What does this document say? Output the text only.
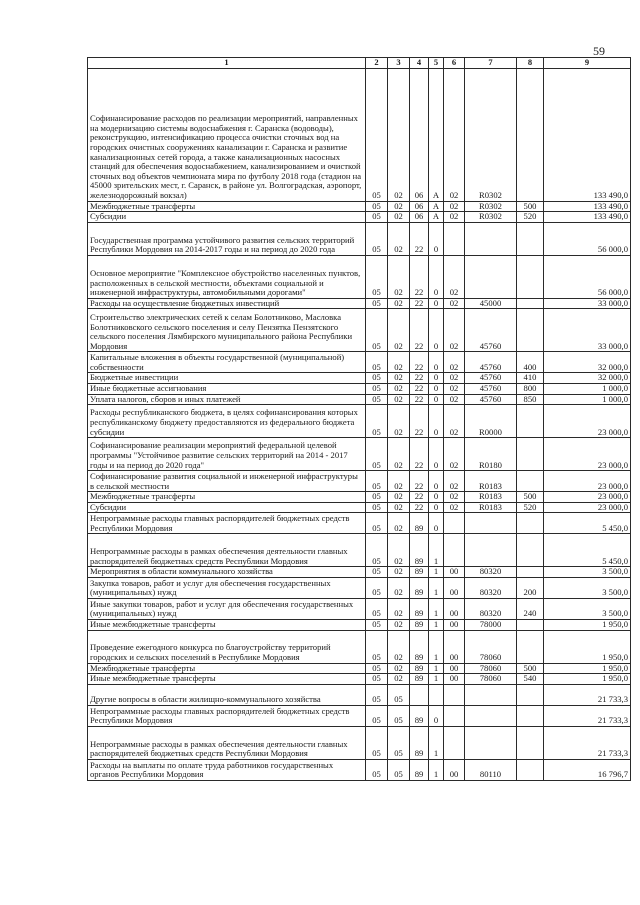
59
1	2	3	4	5	6	7	8	9
Софинансирование расходов по реализации мероприятий, направленных на модернизацию системы водоснабжения г. Саранска (водоводы), реконструкцию, интенсификацию процесса очистки сточных вод на городских очистных сооружениях канализации г. Саранска и развитие канализационных сетей города, а также канализационных насосных станций для обеспечения водоснабжением, канализированием и очисткой сточных вод объектов чемпионата мира по футболу 2018 года (стадион на 45000 зрительских мест, г. Саранск, в районе ул. Волгоградская, аэропорт, железнодорожный вокзал)	05	02	06	А	02	R0302		133 490,0
Межбюджетные трансферты	05	02	06	А	02	R0302	500	133 490,0
Субсидии	05	02	06	А	02	R0302	520	133 490,0
Государственная программа устойчивого развития сельских территорий Республики Мордовия на 2014-2017 годы и на период до 2020 года	05	02	22	0				56 000,0
Основное мероприятие "Комплексное обустройство населенных пунктов, расположенных в сельской местности, объектами социальной и инженерной инфраструктуры, автомобильными дорогами"	05	02	22	0	02			56 000,0
Расходы на осуществление бюджетных инвестиций	05	02	22	0	02	45000		33 000,0
Строительство электрических сетей к селам Болотниково, Масловка Болотниковского сельского поселения и селу Пензятка Пензятского сельского поселения Лямбирского муниципального района Республики Мордовия	05	02	22	0	02	45760		33 000,0
Капитальные вложения в объекты государственной (муниципальной) собственности	05	02	22	0	02	45760	400	32 000,0
Бюджетные инвестиции	05	02	22	0	02	45760	410	32 000,0
Иные бюджетные ассигнования	05	02	22	0	02	45760	800	1 000,0
Уплата налогов, сборов и иных платежей	05	02	22	0	02	45760	850	1 000,0
Расходы республиканского бюджета, в целях софинансирования которых республиканскому бюджету предоставляются из федерального бюджета субсидии	05	02	22	0	02	R0000		23 000,0
Софинансирование реализации мероприятий федеральной целевой программы "Устойчивое развитие сельских территорий на 2014 - 2017 годы и на период до 2020 года"	05	02	22	0	02	R0180		23 000,0
Софинансирование развития социальной и инженерной инфраструктуры в сельской местности	05	02	22	0	02	R0183		23 000,0
Межбюджетные трансферты	05	02	22	0	02	R0183	500	23 000,0
Субсидии	05	02	22	0	02	R0183	520	23 000,0
Непрограммные расходы главных распорядителей бюджетных средств Республики Мордовия	05	02	89	0				5 450,0
Непрограммные расходы в рамках обеспечения деятельности главных распорядителей бюджетных средств Республики Мордовия	05	02	89	1				5 450,0
Мероприятия в области коммунального хозяйства	05	02	89	1	00	80320		3 500,0
Закупка товаров, работ и услуг для обеспечения государственных (муниципальных) нужд	05	02	89	1	00	80320	200	3 500,0
Иные закупки товаров, работ и услуг для обеспечения государственных (муниципальных) нужд	05	02	89	1	00	80320	240	3 500,0
Иные межбюджетные трансферты	05	02	89	1	00	78000		1 950,0
Проведение ежегодного конкурса по благоустройству территорий городских и сельских поселений в Республике Мордовия	05	02	89	1	00	78060		1 950,0
Межбюджетные трансферты	05	02	89	1	00	78060	500	1 950,0
Иные межбюджетные трансферты	05	02	89	1	00	78060	540	1 950,0
Другие вопросы в области жилищно-коммунального хозяйства	05	05						21 733,3
Непрограммные расходы главных распорядителей бюджетных средств Республики Мордовия	05	05	89	0				21 733,3
Непрограммные расходы в рамках обеспечения деятельности главных распорядителей бюджетных средств Республики Мордовия	05	05	89	1				21 733,3
Расходы на выплаты по оплате труда работников государственных органов Республики Мордовия	05	05	89	1	00	80110		16 796,7
